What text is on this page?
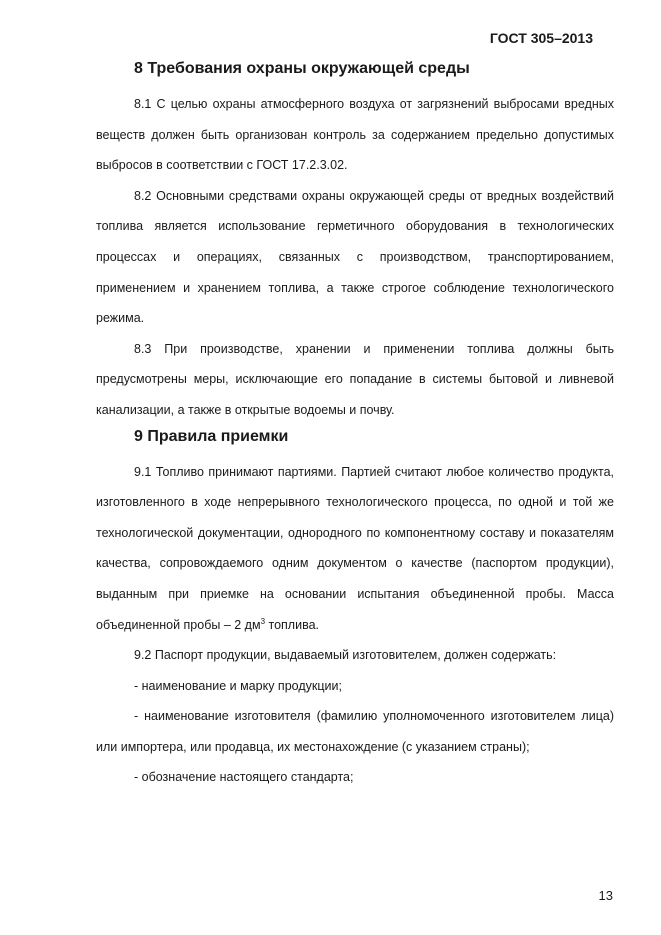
ГОСТ 305–2013
8 Требования охраны окружающей среды

8.1 С целью охраны атмосферного воздуха от загрязнений выбросами вредных веществ должен быть организован контроль за содержанием предельно допустимых выбросов в соответствии с ГОСТ 17.2.3.02.

8.2 Основными средствами охраны окружающей среды от вредных воздействий топлива является использование герметичного оборудования в технологических процессах и операциях, связанных с производством, транспортированием, применением и хранением топлива, а также строгое соблюдение технологического режима.

8.3 При производстве, хранении и применении топлива должны быть предусмотрены меры, исключающие его попадание в системы бытовой и ливневой канализации, а также в открытые водоемы и почву.

9 Правила приемки

9.1 Топливо принимают партиями. Партией считают любое количество продукта, изготовленного в ходе непрерывного технологического процесса, по одной и той же технологической документации, однородного по компонентному составу и показателям качества, сопровождаемого одним документом о качестве (паспортом продукции), выданным при приемке на основании испытания объединенной пробы. Масса объединенной пробы – 2 $дм^3$ топлива.

9.2 Паспорт продукции, выдаваемый изготовителем, должен содержать:

- наименование и марку продукции;

- наименование изготовителя (фамилию уполномоченного изготовителем лица) или импортера, или продавца, их местонахождение (с указанием страны);

- обозначение настоящего стандарта;

13
